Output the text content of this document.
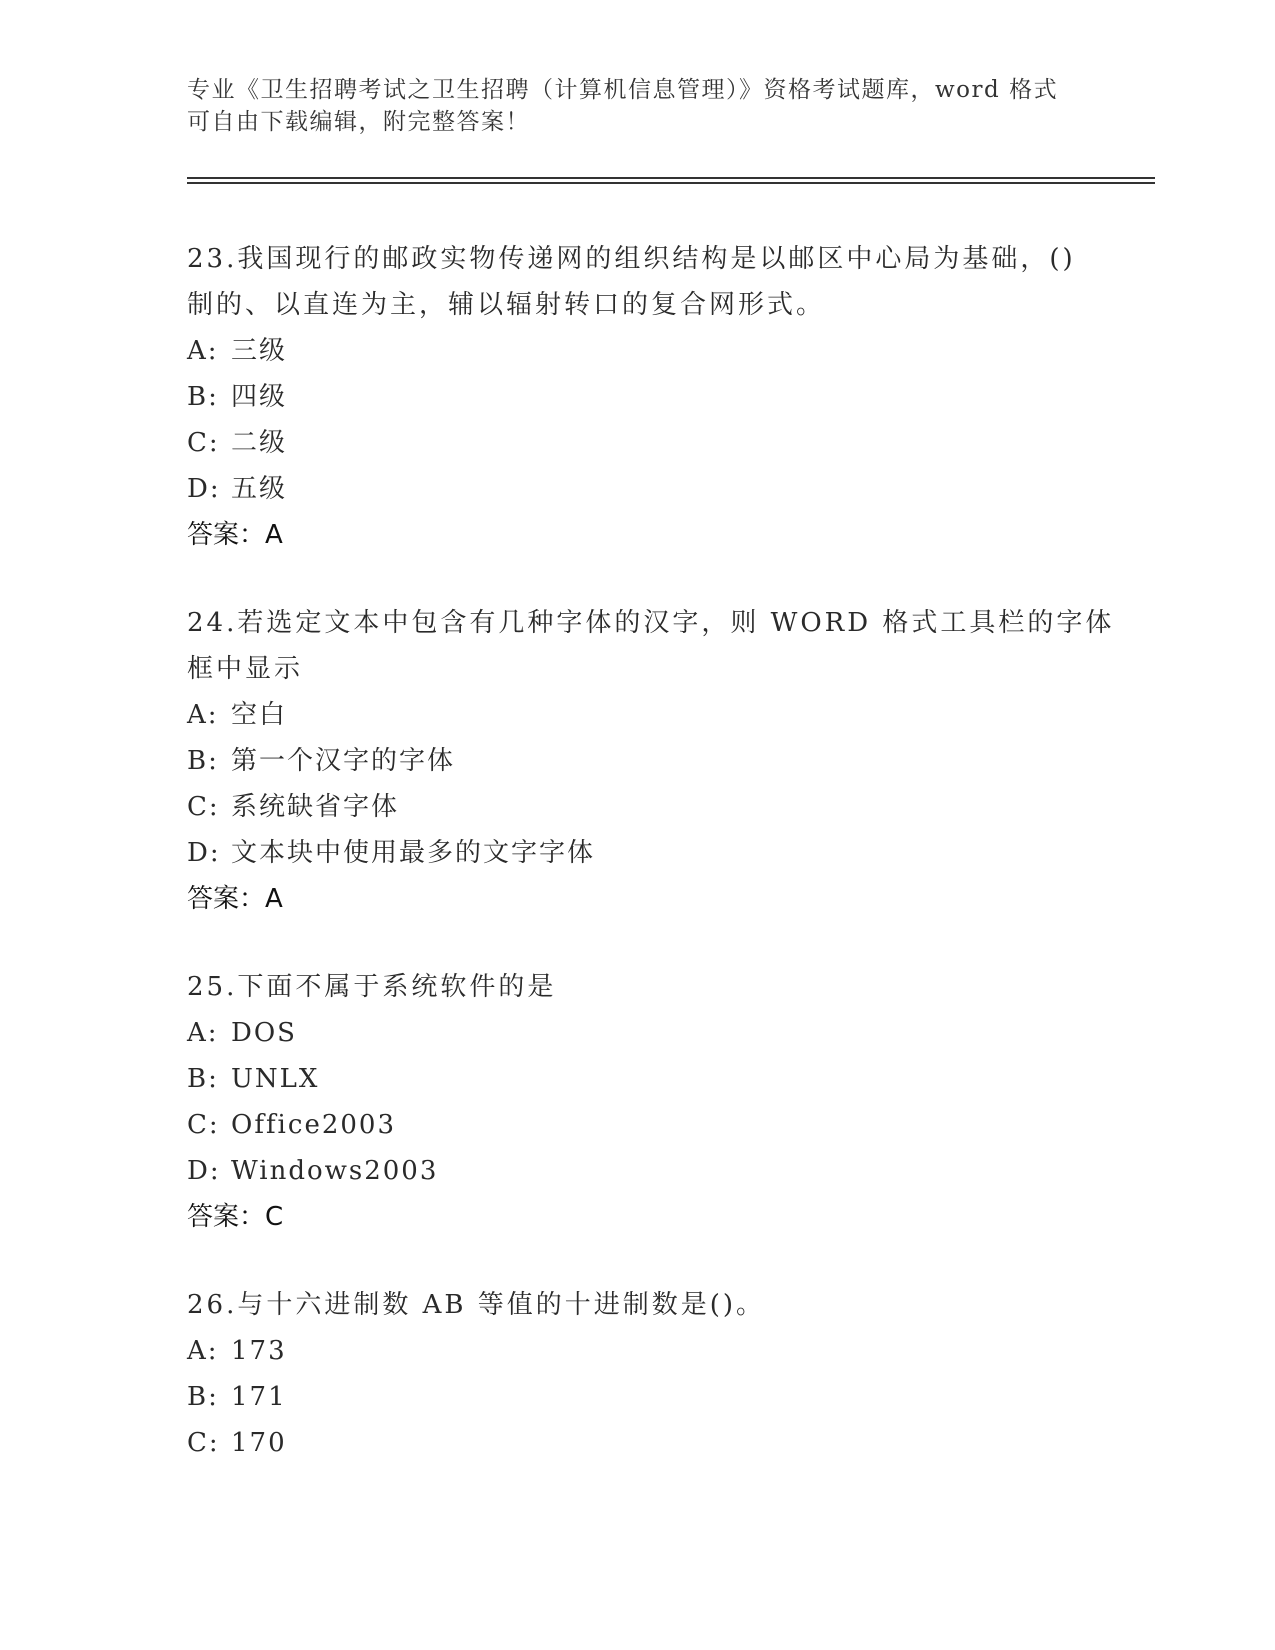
专业《卫生招聘考试之卫生招聘（计算机信息管理）》资格考试题库，word 格式
可自由下载编辑，附完整答案！
23.我国现行的邮政实物传递网的组织结构是以邮区中心局为基础，()
制的、以直连为主，辅以辐射转口的复合网形式。
A: 三级
B: 四级
C: 二级
D: 五级
答案：A
24.若选定文本中包含有几种字体的汉字，则 WORD 格式工具栏的字体
框中显示
A: 空白
B: 第一个汉字的字体
C: 系统缺省字体
D: 文本块中使用最多的文字字体
答案：A
25.下面不属于系统软件的是
A: DOS
B: UNLX
C: Office2003
D: Windows2003
答案：C
26.与十六进制数 AB 等值的十进制数是()。
A: 173
B: 171
C: 170
